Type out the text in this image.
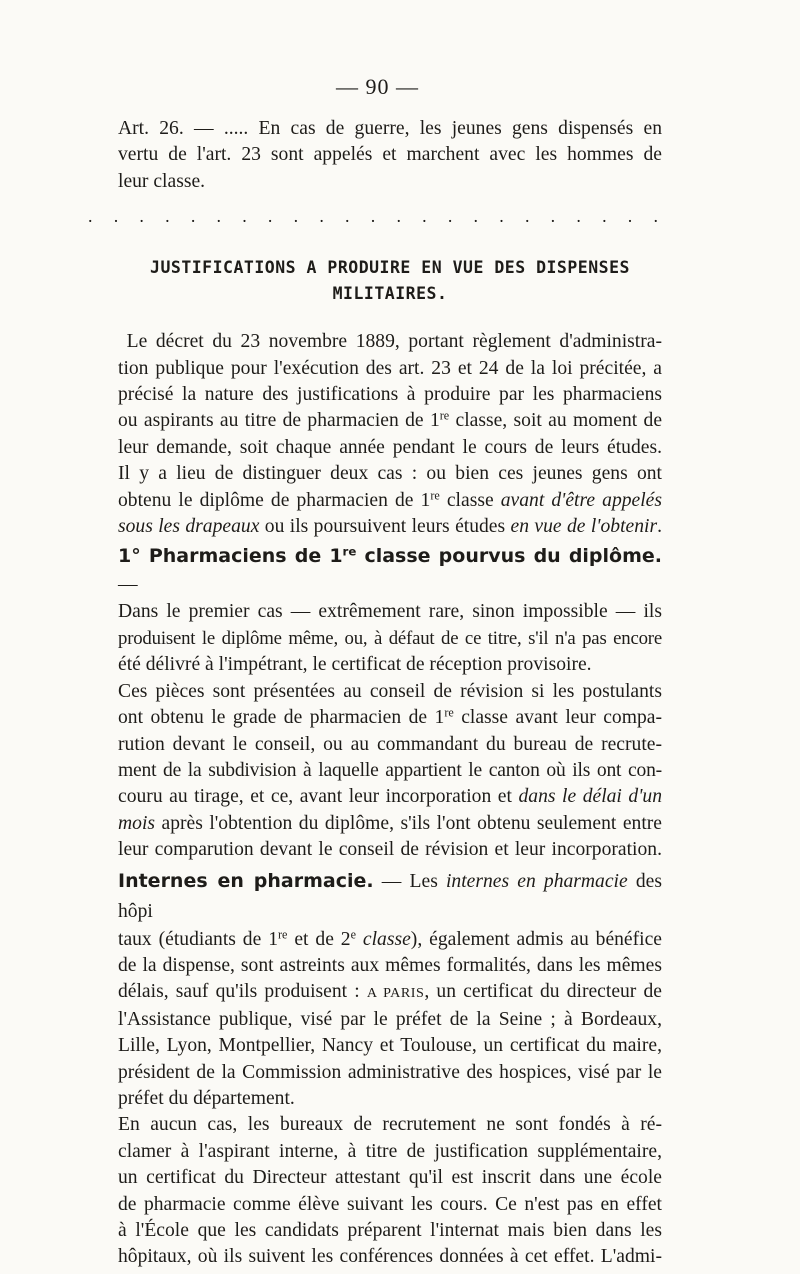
— 90 —
Art. 26. — ..... En cas de guerre, les jeunes gens dispensés en
vertu de l'art. 23 sont appelés et marchent avec les hommes de
leur classe.
. . . . . . . . . . . . . . . . . . . . . . .
JUSTIFICATIONS A PRODUIRE EN VUE DES DISPENSES
MILITAIRES.
Le décret du 23 novembre 1889, portant règlement d'administra-
tion publique pour l'exécution des art. 23 et 24 de la loi précitée, a
précisé la nature des justifications à produire par les pharmaciens
ou aspirants au titre de pharmacien de 1re classe, soit au moment de
leur demande, soit chaque année pendant le cours de leurs études.
Il y a lieu de distinguer deux cas : ou bien ces jeunes gens ont
obtenu le diplôme de pharmacien de 1re classe avant d'être appelés
sous les drapeaux ou ils poursuivent leurs études en vue de l'obtenir.
1° Pharmaciens de 1re classe pourvus du diplôme. —
Dans le premier cas — extrêmement rare, sinon impossible — ils
produisent le diplôme même, ou, à défaut de ce titre, s'il n'a pas encore
été délivré à l'impétrant, le certificat de réception provisoire.
Ces pièces sont présentées au conseil de révision si les postulants
ont obtenu le grade de pharmacien de 1re classe avant leur compa-
rution devant le conseil, ou au commandant du bureau de recrute-
ment de la subdivision à laquelle appartient le canton où ils ont con-
couru au tirage, et ce, avant leur incorporation et dans le délai d'un
mois après l'obtention du diplôme, s'ils l'ont obtenu seulement entre
leur comparution devant le conseil de révision et leur incorporation.
Internes en pharmacie. — Les internes en pharmacie des hôpi
taux (étudiants de 1re et de 2e classe), également admis au bénéfice
de la dispense, sont astreints aux mêmes formalités, dans les mêmes
délais, sauf qu'ils produisent : A PARIS, un certificat du directeur de
l'Assistance publique, visé par le préfet de la Seine ; à Bordeaux,
Lille, Lyon, Montpellier, Nancy et Toulouse, un certificat du maire,
président de la Commission administrative des hospices, visé par le
préfet du département.
En aucun cas, les bureaux de recrutement ne sont fondés à ré-
clamer à l'aspirant interne, à titre de justification supplémentaire,
un certificat du Directeur attestant qu'il est inscrit dans une école
de pharmacie comme élève suivant les cours. Ce n'est pas en effet
à l'École que les candidats préparent l'internat mais bien dans les
hôpitaux, où ils suivent les conférences données à cet effet. L'admi-
